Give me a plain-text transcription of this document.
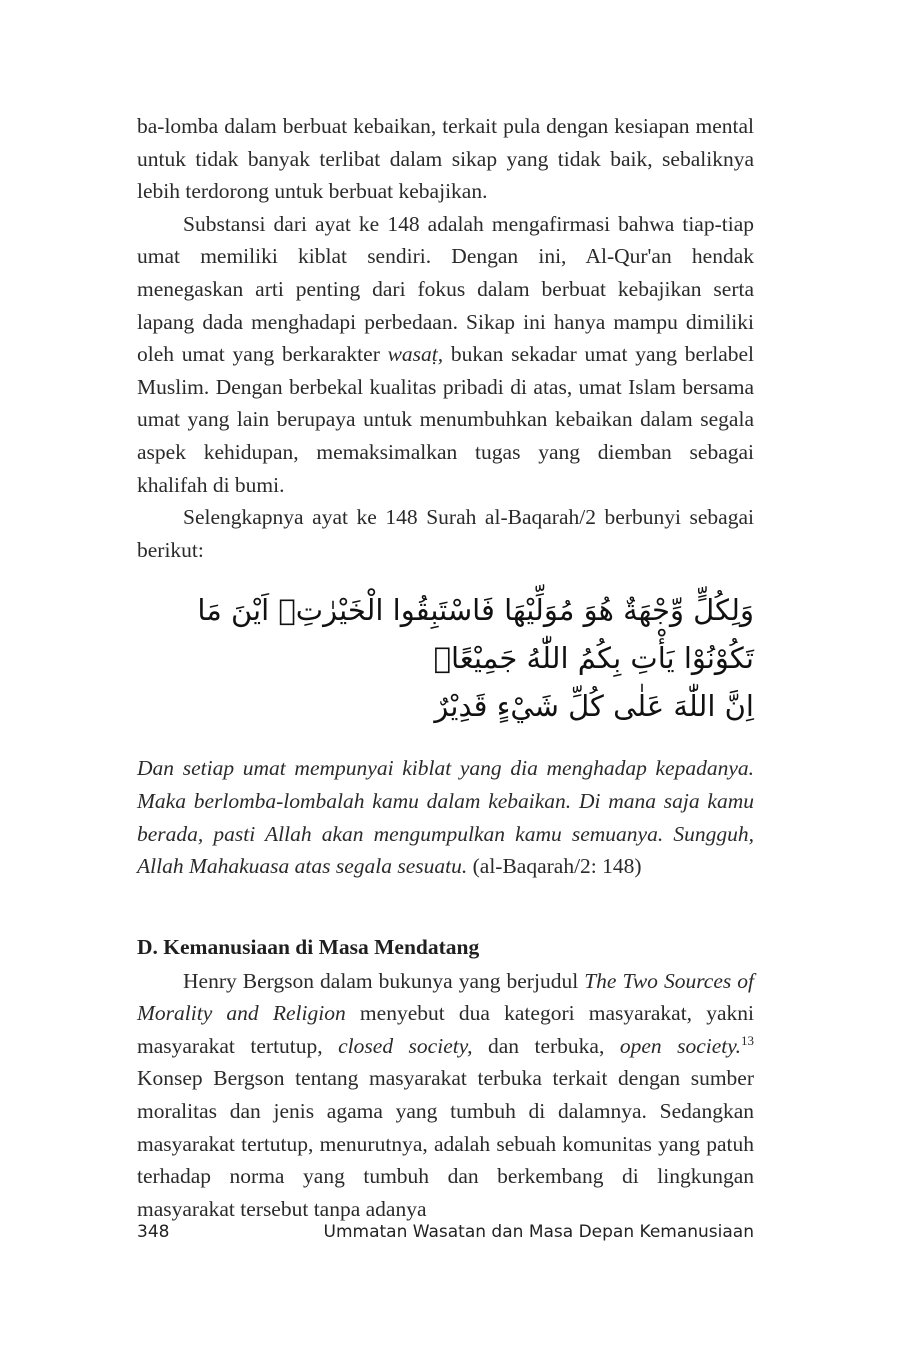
ba-lomba dalam berbuat kebaikan, terkait pula dengan kesiapan mental untuk tidak banyak terlibat dalam sikap yang tidak baik, sebaliknya lebih terdorong untuk berbuat kebajikan.

Substansi dari ayat ke 148 adalah mengafirmasi bahwa tiap-tiap umat memiliki kiblat sendiri. Dengan ini, Al-Qur'an hendak menegaskan arti penting dari fokus dalam berbuat kebajikan serta lapang dada menghadapi perbedaan. Sikap ini hanya mampu dimiliki oleh umat yang berkarakter wasaṭ, bukan sekadar umat yang berlabel Muslim. Dengan berbekal kualitas pribadi di atas, umat Islam bersama umat yang lain berupaya untuk menumbuhkan kebaikan dalam segala aspek kehidupan, memaksimalkan tugas yang diemban sebagai khalifah di bumi.

Selengkapnya ayat ke 148 Surah al-Baqarah/2 berbunyi sebagai berikut:

وَلِكُلٍّ وِّجْهَةٌ هُوَ مُوَلِّيْهَا فَاسْتَبِقُوا الْخَيْرٰتِۗ اَيْنَ مَا تَكُوْنُوْا يَأْتِ بِكُمُ اللّٰهُ جَمِيْعًاۗ
اِنَّ اللّٰهَ عَلٰى كُلِّ شَيْءٍ قَدِيْرٌ

Dan setiap umat mempunyai kiblat yang dia menghadap kepadanya. Maka berlomba-lombalah kamu dalam kebaikan. Di mana saja kamu berada, pasti Allah akan mengumpulkan kamu semuanya. Sungguh, Allah Mahakuasa atas segala sesuatu. (al-Baqarah/2: 148)

D. Kemanusiaan di Masa Mendatang

Henry Bergson dalam bukunya yang berjudul The Two Sources of Morality and Religion menyebut dua kategori masyarakat, yakni masyarakat tertutup, closed society, dan terbuka, open society.$^{13}$ Konsep Bergson tentang masyarakat terbuka terkait dengan sumber moralitas dan jenis agama yang tumbuh di dalamnya. Sedangkan masyarakat tertutup, menurutnya, adalah sebuah komunitas yang patuh terhadap norma yang tumbuh dan berkembang di lingkungan masyarakat tersebut tanpa adanya

348	Ummatan Wasatan dan Masa Depan Kemanusiaan
